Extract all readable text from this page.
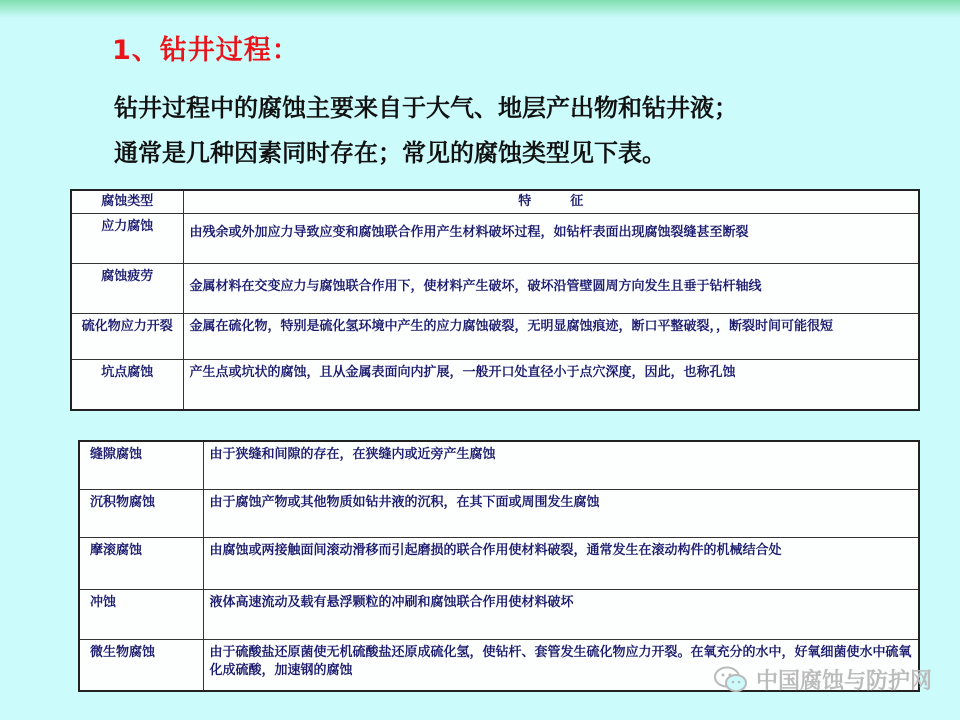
1、钻井过程：
钻井过程中的腐蚀主要来自于大气、地层产出物和钻井液；
通常是几种因素同时存在；常见的腐蚀类型见下表。
腐蚀类型	特　　　征
应力腐蚀	由残余或外加应力导致应变和腐蚀联合作用产生材料破坏过程，如钻杆表面出现腐蚀裂缝甚至断裂
腐蚀疲劳	金属材料在交变应力与腐蚀联合作用下，使材料产生破坏，破坏沿管壁圆周方向发生且垂于钻杆轴线
硫化物应力开裂	金属在硫化物，特别是硫化氢环境中产生的应力腐蚀破裂，无明显腐蚀痕迹，断口平整破裂，，断裂时间可能很短
坑点腐蚀	产生点或坑状的腐蚀，且从金属表面向内扩展，一般开口处直径小于点穴深度，因此，也称孔蚀
缝隙腐蚀	由于狭缝和间隙的存在，在狭缝内或近旁产生腐蚀
沉积物腐蚀	由于腐蚀产物或其他物质如钻井液的沉积，在其下面或周围发生腐蚀
摩滚腐蚀	由腐蚀或两接触面间滚动滑移而引起磨损的联合作用使材料破裂，通常发生在滚动构件的机械结合处
冲蚀	液体高速流动及载有悬浮颗粒的冲刷和腐蚀联合作用使材料破坏
微生物腐蚀	由于硫酸盐还原菌使无机硫酸盐还原成硫化氢，使钻杆、套管发生硫化物应力开裂。在氧充分的水中，好氧细菌使水中硫氧化成硫酸，加速钢的腐蚀	中国腐蚀与防护网
